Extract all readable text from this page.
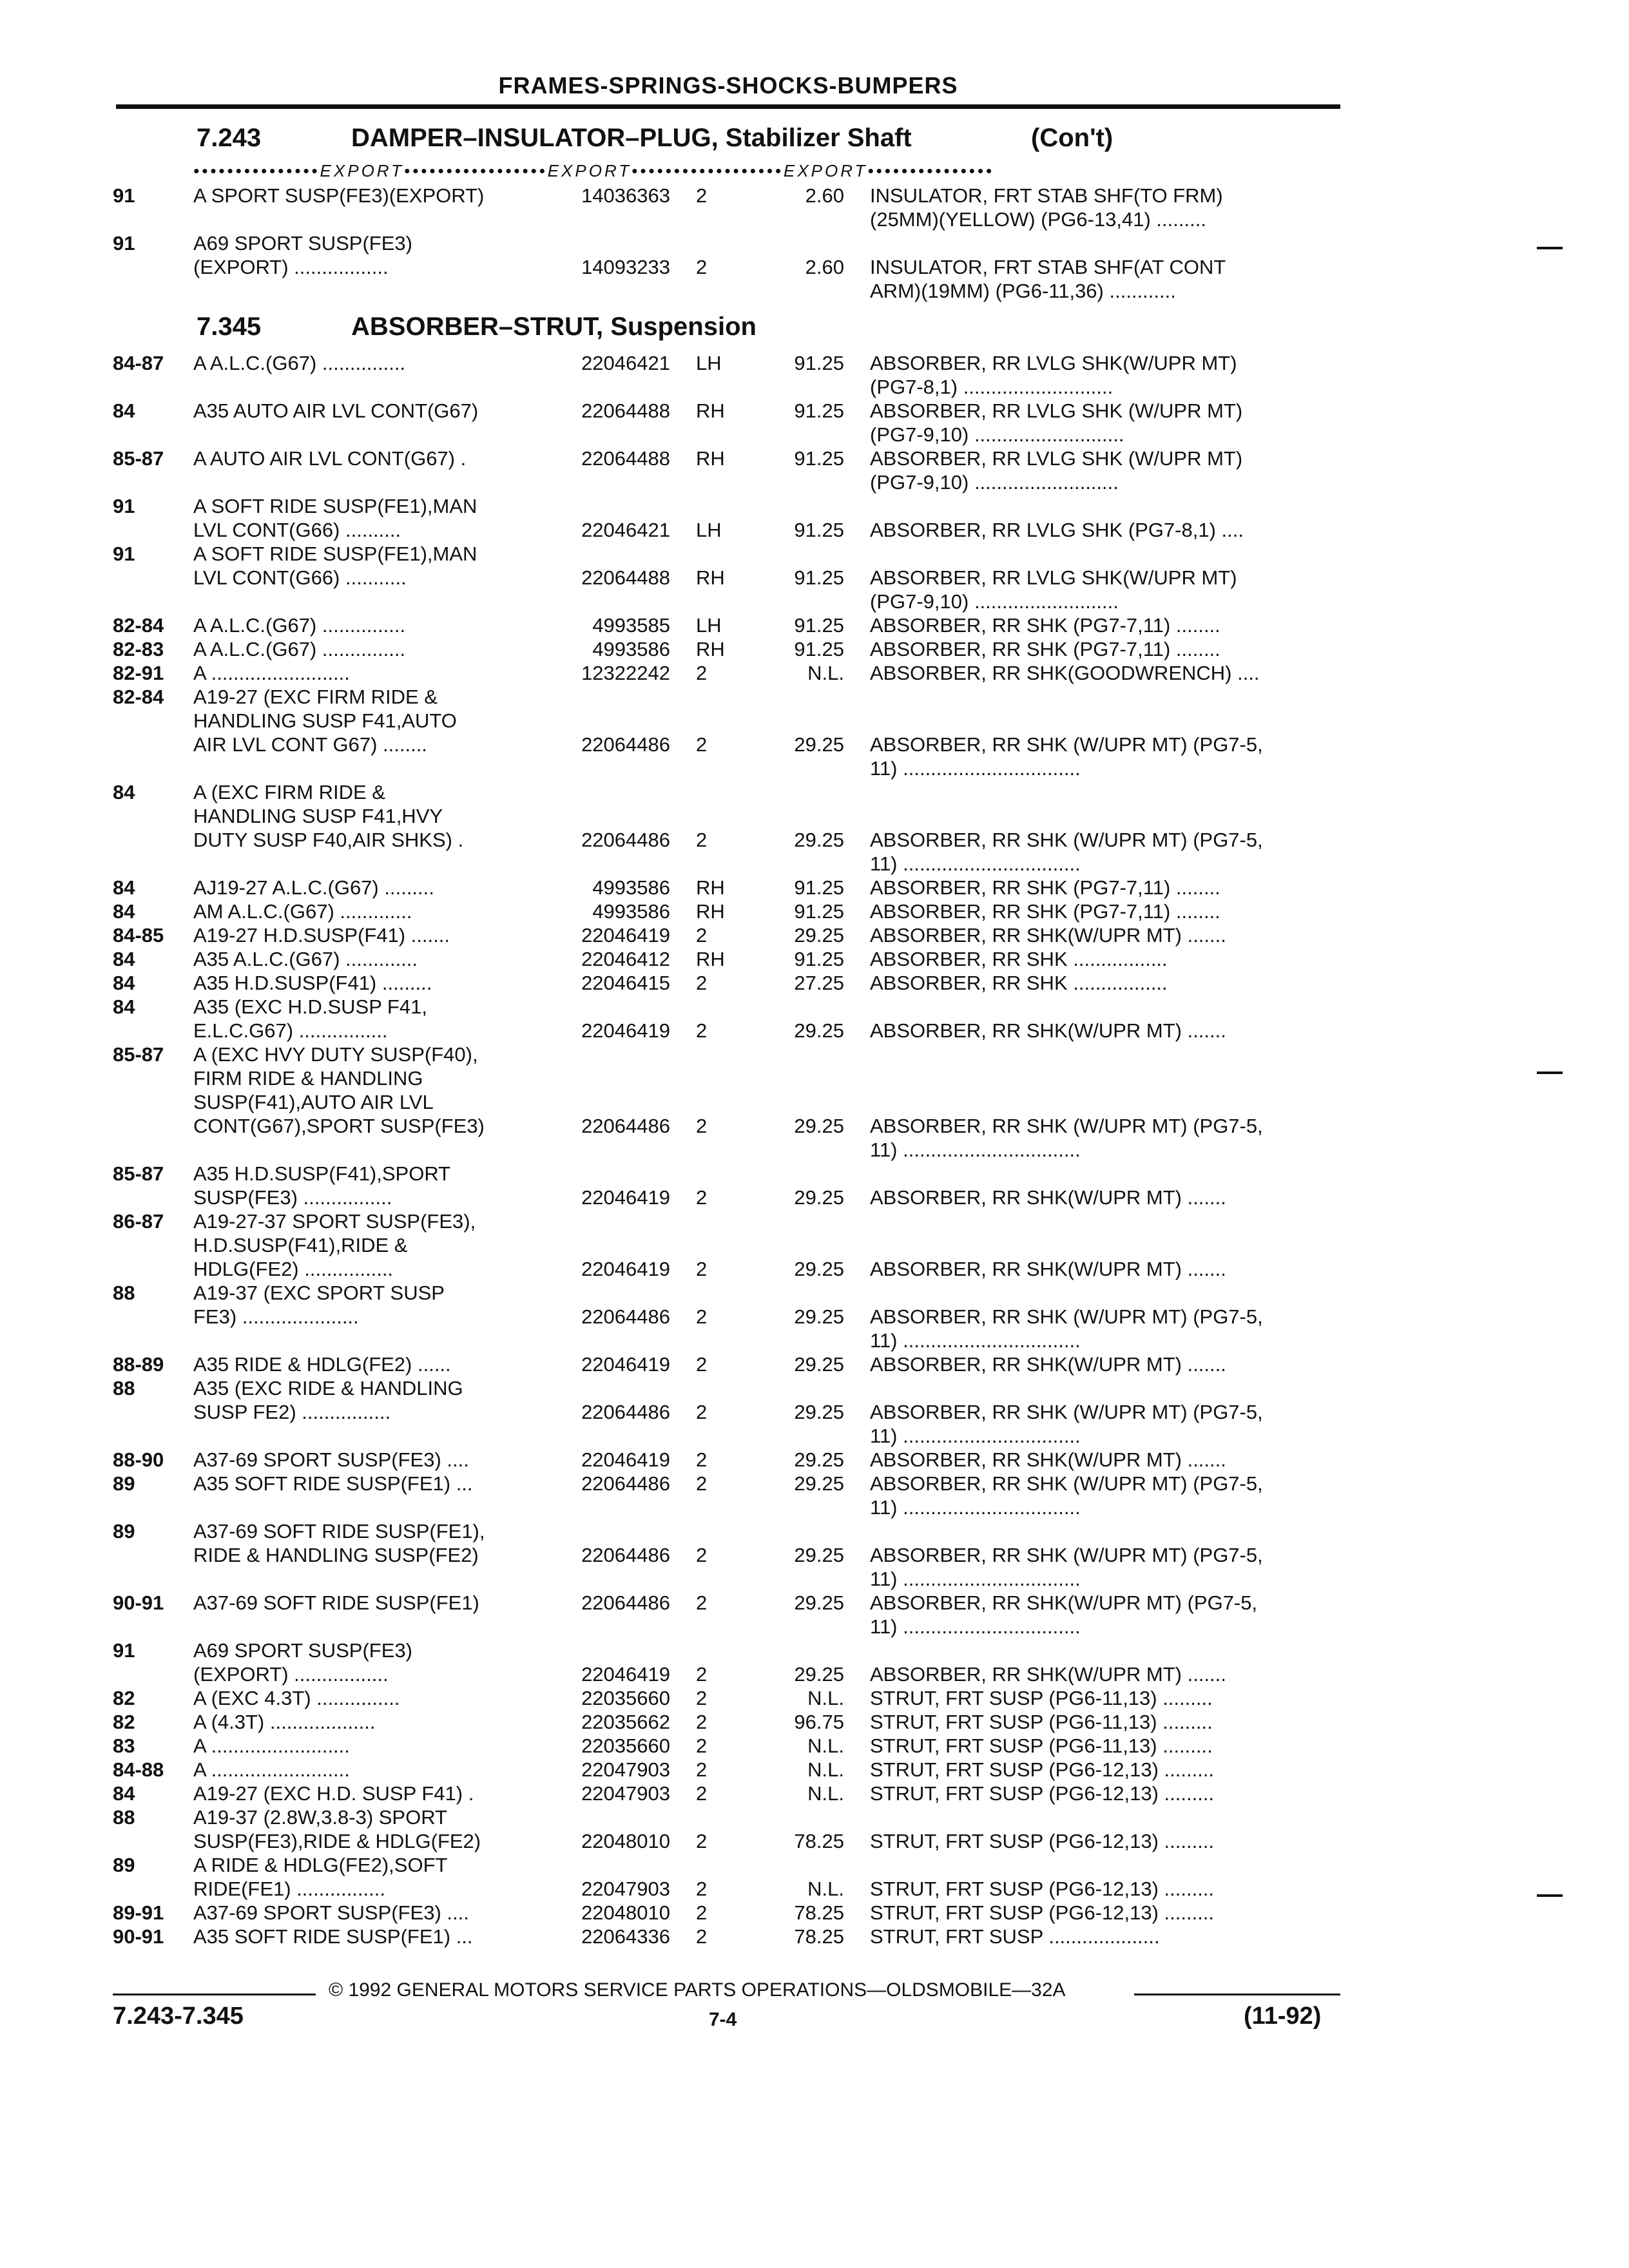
FRAMES-SPRINGS-SHOCKS-BUMPERS
7.243	DAMPER–INSULATOR–PLUG, Stabilizer Shaft	(Con't)
•••••••••••••••EXPORT•••••••••••••••••EXPORT••••••••••••••••••EXPORT•••••••••••••••
7.345	ABSORBER–STRUT, Suspension
91	A SPORT SUSP(FE3)(EXPORT)	14036363 2	2.60 INSULATOR, FRT STAB SHF(TO FRM)
(25MM)(YELLOW) (PG6-13,41) .........
91	A69 SPORT SUSP(FE3)
(EXPORT) .................	14093233 2	2.60 INSULATOR, FRT STAB SHF(AT CONT
ARM)(19MM) (PG6-11,36) ............
84-87 A A.L.C.(G67) ...............	22046421 LH	91.25 ABSORBER, RR LVLG SHK(W/UPR MT)
(PG7-8,1) ...........................
84	A35 AUTO AIR LVL CONT(G67)	22064488 RH	91.25 ABSORBER, RR LVLG SHK (W/UPR MT)
(PG7-9,10) ...........................
85-87 A AUTO AIR LVL CONT(G67) .	22064488 RH	91.25 ABSORBER, RR LVLG SHK (W/UPR MT)
(PG7-9,10) ..........................
91	A SOFT RIDE SUSP(FE1),MAN
LVL CONT(G66) ..........	22046421 LH	91.25 ABSORBER, RR LVLG SHK (PG7-8,1) ....
91	A SOFT RIDE SUSP(FE1),MAN
LVL CONT(G66) ...........	22064488 RH	91.25 ABSORBER, RR LVLG SHK(W/UPR MT)
(PG7-9,10) ..........................
82-84 A A.L.C.(G67) ...............	4993585 LH	91.25 ABSORBER, RR SHK (PG7-7,11) ........
82-83 A A.L.C.(G67) ...............	4993586 RH	91.25 ABSORBER, RR SHK (PG7-7,11) ........
82-91 A .........................	12322242 2	N.L. ABSORBER, RR SHK(GOODWRENCH) ....
82-84 A19-27 (EXC FIRM RIDE &
HANDLING SUSP F41,AUTO
AIR LVL CONT G67) ........	22064486 2	29.25 ABSORBER, RR SHK (W/UPR MT) (PG7-5,
11) ................................
84	A (EXC FIRM RIDE &
HANDLING SUSP F41,HVY
DUTY SUSP F40,AIR SHKS) .	22064486 2	29.25 ABSORBER, RR SHK (W/UPR MT) (PG7-5,
11) ................................
84	AJ19-27 A.L.C.(G67) .........	4993586 RH	91.25 ABSORBER, RR SHK (PG7-7,11) ........
84	AM A.L.C.(G67) .............	4993586 RH	91.25 ABSORBER, RR SHK (PG7-7,11) ........
84-85 A19-27 H.D.SUSP(F41) .......	22046419 2	29.25 ABSORBER, RR SHK(W/UPR MT) .......
84	A35 A.L.C.(G67) .............	22046412 RH	91.25 ABSORBER, RR SHK .................
84	A35 H.D.SUSP(F41) .........	22046415 2	27.25 ABSORBER, RR SHK .................
84	A35 (EXC H.D.SUSP F41,
E.L.C.G67) ................	22046419 2	29.25 ABSORBER, RR SHK(W/UPR MT) .......
85-87 A (EXC HVY DUTY SUSP(F40),
FIRM RIDE & HANDLING
SUSP(F41),AUTO AIR LVL
CONT(G67),SPORT SUSP(FE3)	22064486 2	29.25 ABSORBER, RR SHK (W/UPR MT) (PG7-5,
11) ................................
85-87 A35 H.D.SUSP(F41),SPORT
SUSP(FE3) ................	22046419 2	29.25 ABSORBER, RR SHK(W/UPR MT) .......
86-87 A19-27-37 SPORT SUSP(FE3),
H.D.SUSP(F41),RIDE &
HDLG(FE2) ................	22046419 2	29.25 ABSORBER, RR SHK(W/UPR MT) .......
88	A19-37 (EXC SPORT SUSP
FE3) .....................	22064486 2	29.25 ABSORBER, RR SHK (W/UPR MT) (PG7-5,
11) ................................
88-89 A35 RIDE & HDLG(FE2) ......	22046419 2	29.25 ABSORBER, RR SHK(W/UPR MT) .......
88	A35 (EXC RIDE & HANDLING
SUSP FE2) ................	22064486 2	29.25 ABSORBER, RR SHK (W/UPR MT) (PG7-5,
11) ................................
88-90 A37-69 SPORT SUSP(FE3) ....	22046419 2	29.25 ABSORBER, RR SHK(W/UPR MT) .......
89	A35 SOFT RIDE SUSP(FE1) ...	22064486 2	29.25 ABSORBER, RR SHK (W/UPR MT) (PG7-5,
11) ................................
89	A37-69 SOFT RIDE SUSP(FE1),
RIDE & HANDLING SUSP(FE2)	22064486 2	29.25 ABSORBER, RR SHK (W/UPR MT) (PG7-5,
11) ................................
90-91 A37-69 SOFT RIDE SUSP(FE1)	22064486 2	29.25 ABSORBER, RR SHK(W/UPR MT) (PG7-5,
11) ................................
91	A69 SPORT SUSP(FE3)
(EXPORT) .................	22046419 2	29.25 ABSORBER, RR SHK(W/UPR MT) .......
82	A (EXC 4.3T) ...............	22035660 2	N.L. STRUT, FRT SUSP (PG6-11,13) .........
82	A (4.3T) ...................	22035662 2	96.75 STRUT, FRT SUSP (PG6-11,13) .........
83	A .........................	22035660 2	N.L. STRUT, FRT SUSP (PG6-11,13) .........
84-88 A .........................	22047903 2	N.L. STRUT, FRT SUSP (PG6-12,13) .........
84	A19-27 (EXC H.D. SUSP F41) .	22047903 2	N.L. STRUT, FRT SUSP (PG6-12,13) .........
88	A19-37 (2.8W,3.8-3) SPORT
SUSP(FE3),RIDE & HDLG(FE2)	22048010 2	78.25 STRUT, FRT SUSP (PG6-12,13) .........
89	A RIDE & HDLG(FE2),SOFT
RIDE(FE1) ................	22047903 2	N.L. STRUT, FRT SUSP (PG6-12,13) .........
89-91 A37-69 SPORT SUSP(FE3) ....	22048010 2	78.25 STRUT, FRT SUSP (PG6-12,13) .........
90-91 A35 SOFT RIDE SUSP(FE1) ...	22064336 2	78.25 STRUT, FRT SUSP ....................
© 1992 GENERAL MOTORS SERVICE PARTS OPERATIONS—OLDSMOBILE—32A
7.243-7.345	7-4	(11-92)
